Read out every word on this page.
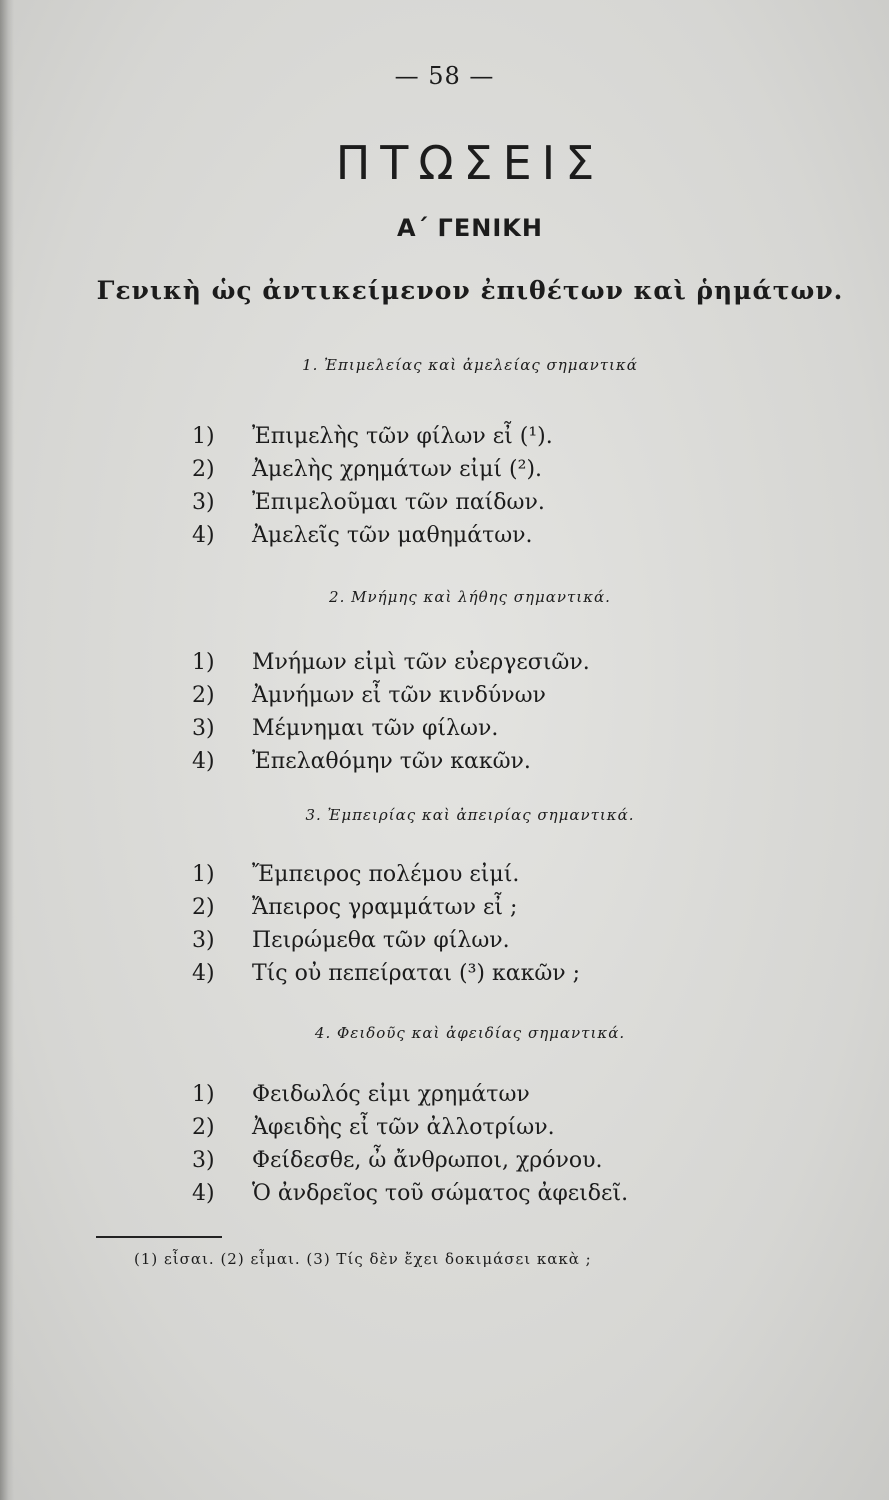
— 58 —
ΠΤΩΣΕΙΣ
Α΄ ΓΕΝΙΚΗ
Γενικὴ ὡς ἀντικείμενον ἐπιθέτων καὶ ῥημάτων.
1. Ἐπιμελείας καὶ ἀμελείας σημαντικά
1) Ἐπιμελὴς τῶν φίλων εἶ (¹).
2) Ἀμελὴς χρημάτων εἰμί (²).
3) Ἐπιμελοῦμαι τῶν παίδων.
4) Ἀμελεῖς τῶν μαθημάτων.
2. Μνήμης καὶ λήθης σημαντικά.
1) Μνήμων εἰμὶ τῶν εὐεργεσιῶν.
2) Ἀμνήμων εἶ τῶν κινδύνων
3) Μέμνημαι τῶν φίλων.
4) Ἐπελαθόμην τῶν κακῶν.
3. Ἐμπειρίας καὶ ἀπειρίας σημαντικά.
1) Ἔμπειρος πολέμου εἰμί.
2) Ἄπειρος γραμμάτων εἶ ;
3) Πειρώμεθα τῶν φίλων.
4) Τίς οὐ πεπείραται (³) κακῶν ;
4. Φειδοῦς καὶ ἀφειδίας σημαντικά.
1) Φειδωλός εἰμι χρημάτων
2) Ἀφειδὴς εἶ τῶν ἀλλοτρίων.
3) Φείδεσθε, ὦ ἄνθρωποι, χρόνου.
4) Ὁ ἀνδρεῖος τοῦ σώματος ἀφειδεῖ.
(1) εἶσαι. (2) εἶμαι. (3) Τίς δὲν ἔχει δοκιμάσει κακὰ ;
